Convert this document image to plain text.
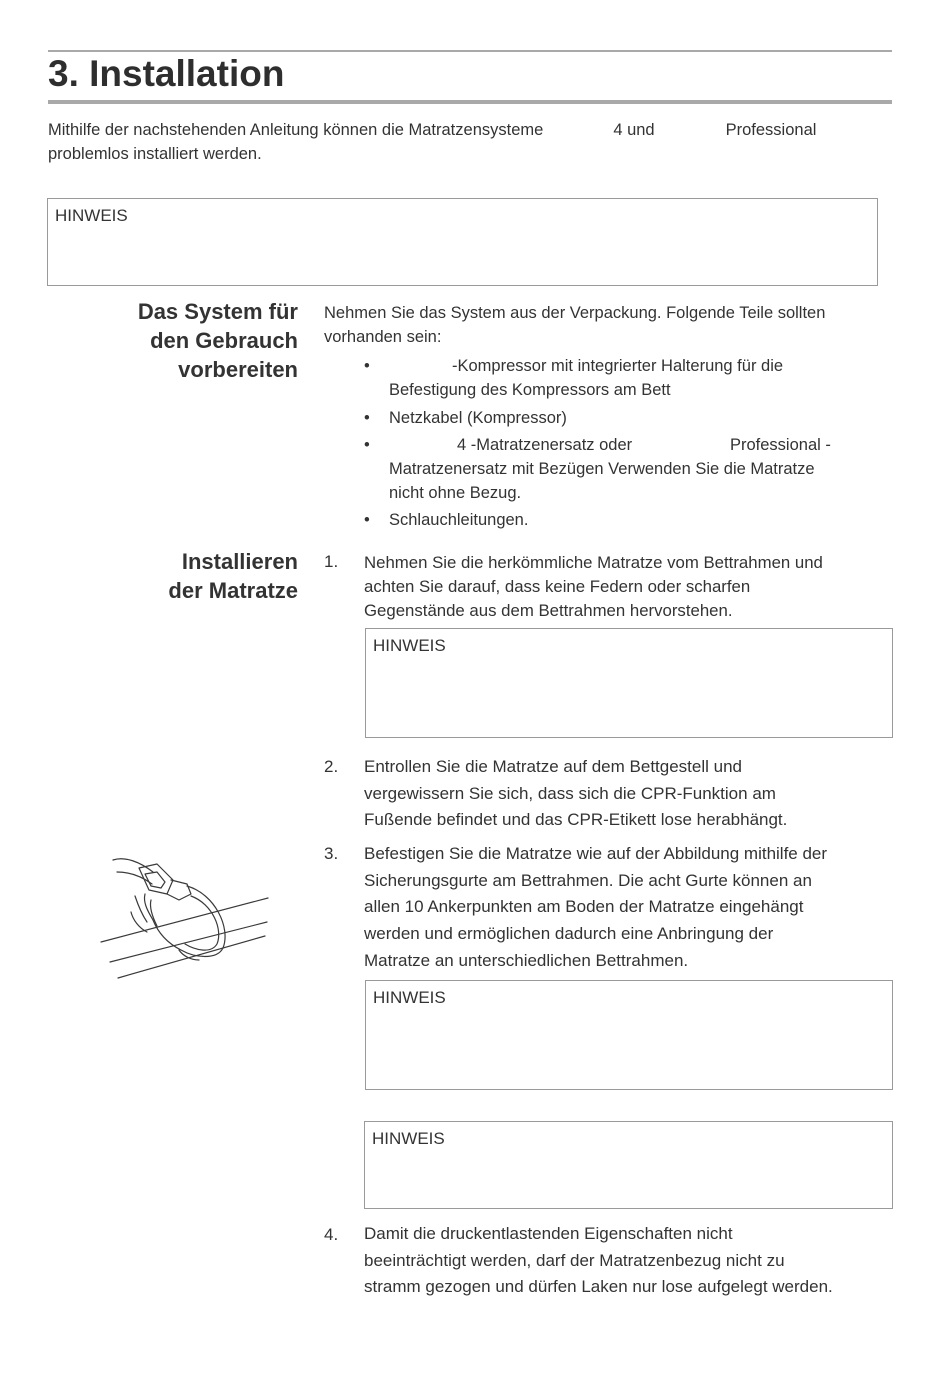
3. Installation
Mithilfe der nachstehenden Anleitung können die Matratzensysteme	4 und	Professional
problemlos installiert werden.
HINWEIS
Das System für
den Gebrauch
vorbereiten
Nehmen Sie das System aus der Verpackung. Folgende Teile sollten
vorhanden sein:
•	-Kompressor mit integrierter Halterung für die
Befestigung des Kompressors am Bett
• Netzkabel (Kompressor)
•	4 -Matratzenersatz oder	Professional -
Matratzenersatz mit Bezügen Verwenden Sie die Matratze
nicht ohne Bezug.
• Schlauchleitungen.
Installieren
der Matratze
1. Nehmen Sie die herkömmliche Matratze vom Bettrahmen und
achten Sie darauf, dass keine Federn oder scharfen
Gegenstände aus dem Bettrahmen hervorstehen.
HINWEIS
2. Entrollen Sie die Matratze auf dem Bettgestell und
vergewissern Sie sich, dass sich die CPR-Funktion am
Fußende befindet und das CPR-Etikett lose herabhängt.
3. Befestigen Sie die Matratze wie auf der Abbildung mithilfe der
Sicherungsgurte am Bettrahmen. Die acht Gurte können an
allen 10 Ankerpunkten am Boden der Matratze eingehängt
werden und ermöglichen dadurch eine Anbringung der
Matratze an unterschiedlichen Bettrahmen.
HINWEIS
HINWEIS
4. Damit die druckentlastenden Eigenschaften nicht
beeinträchtigt werden, darf der Matratzenbezug nicht zu
stramm gezogen und dürfen Laken nur lose aufgelegt werden.
